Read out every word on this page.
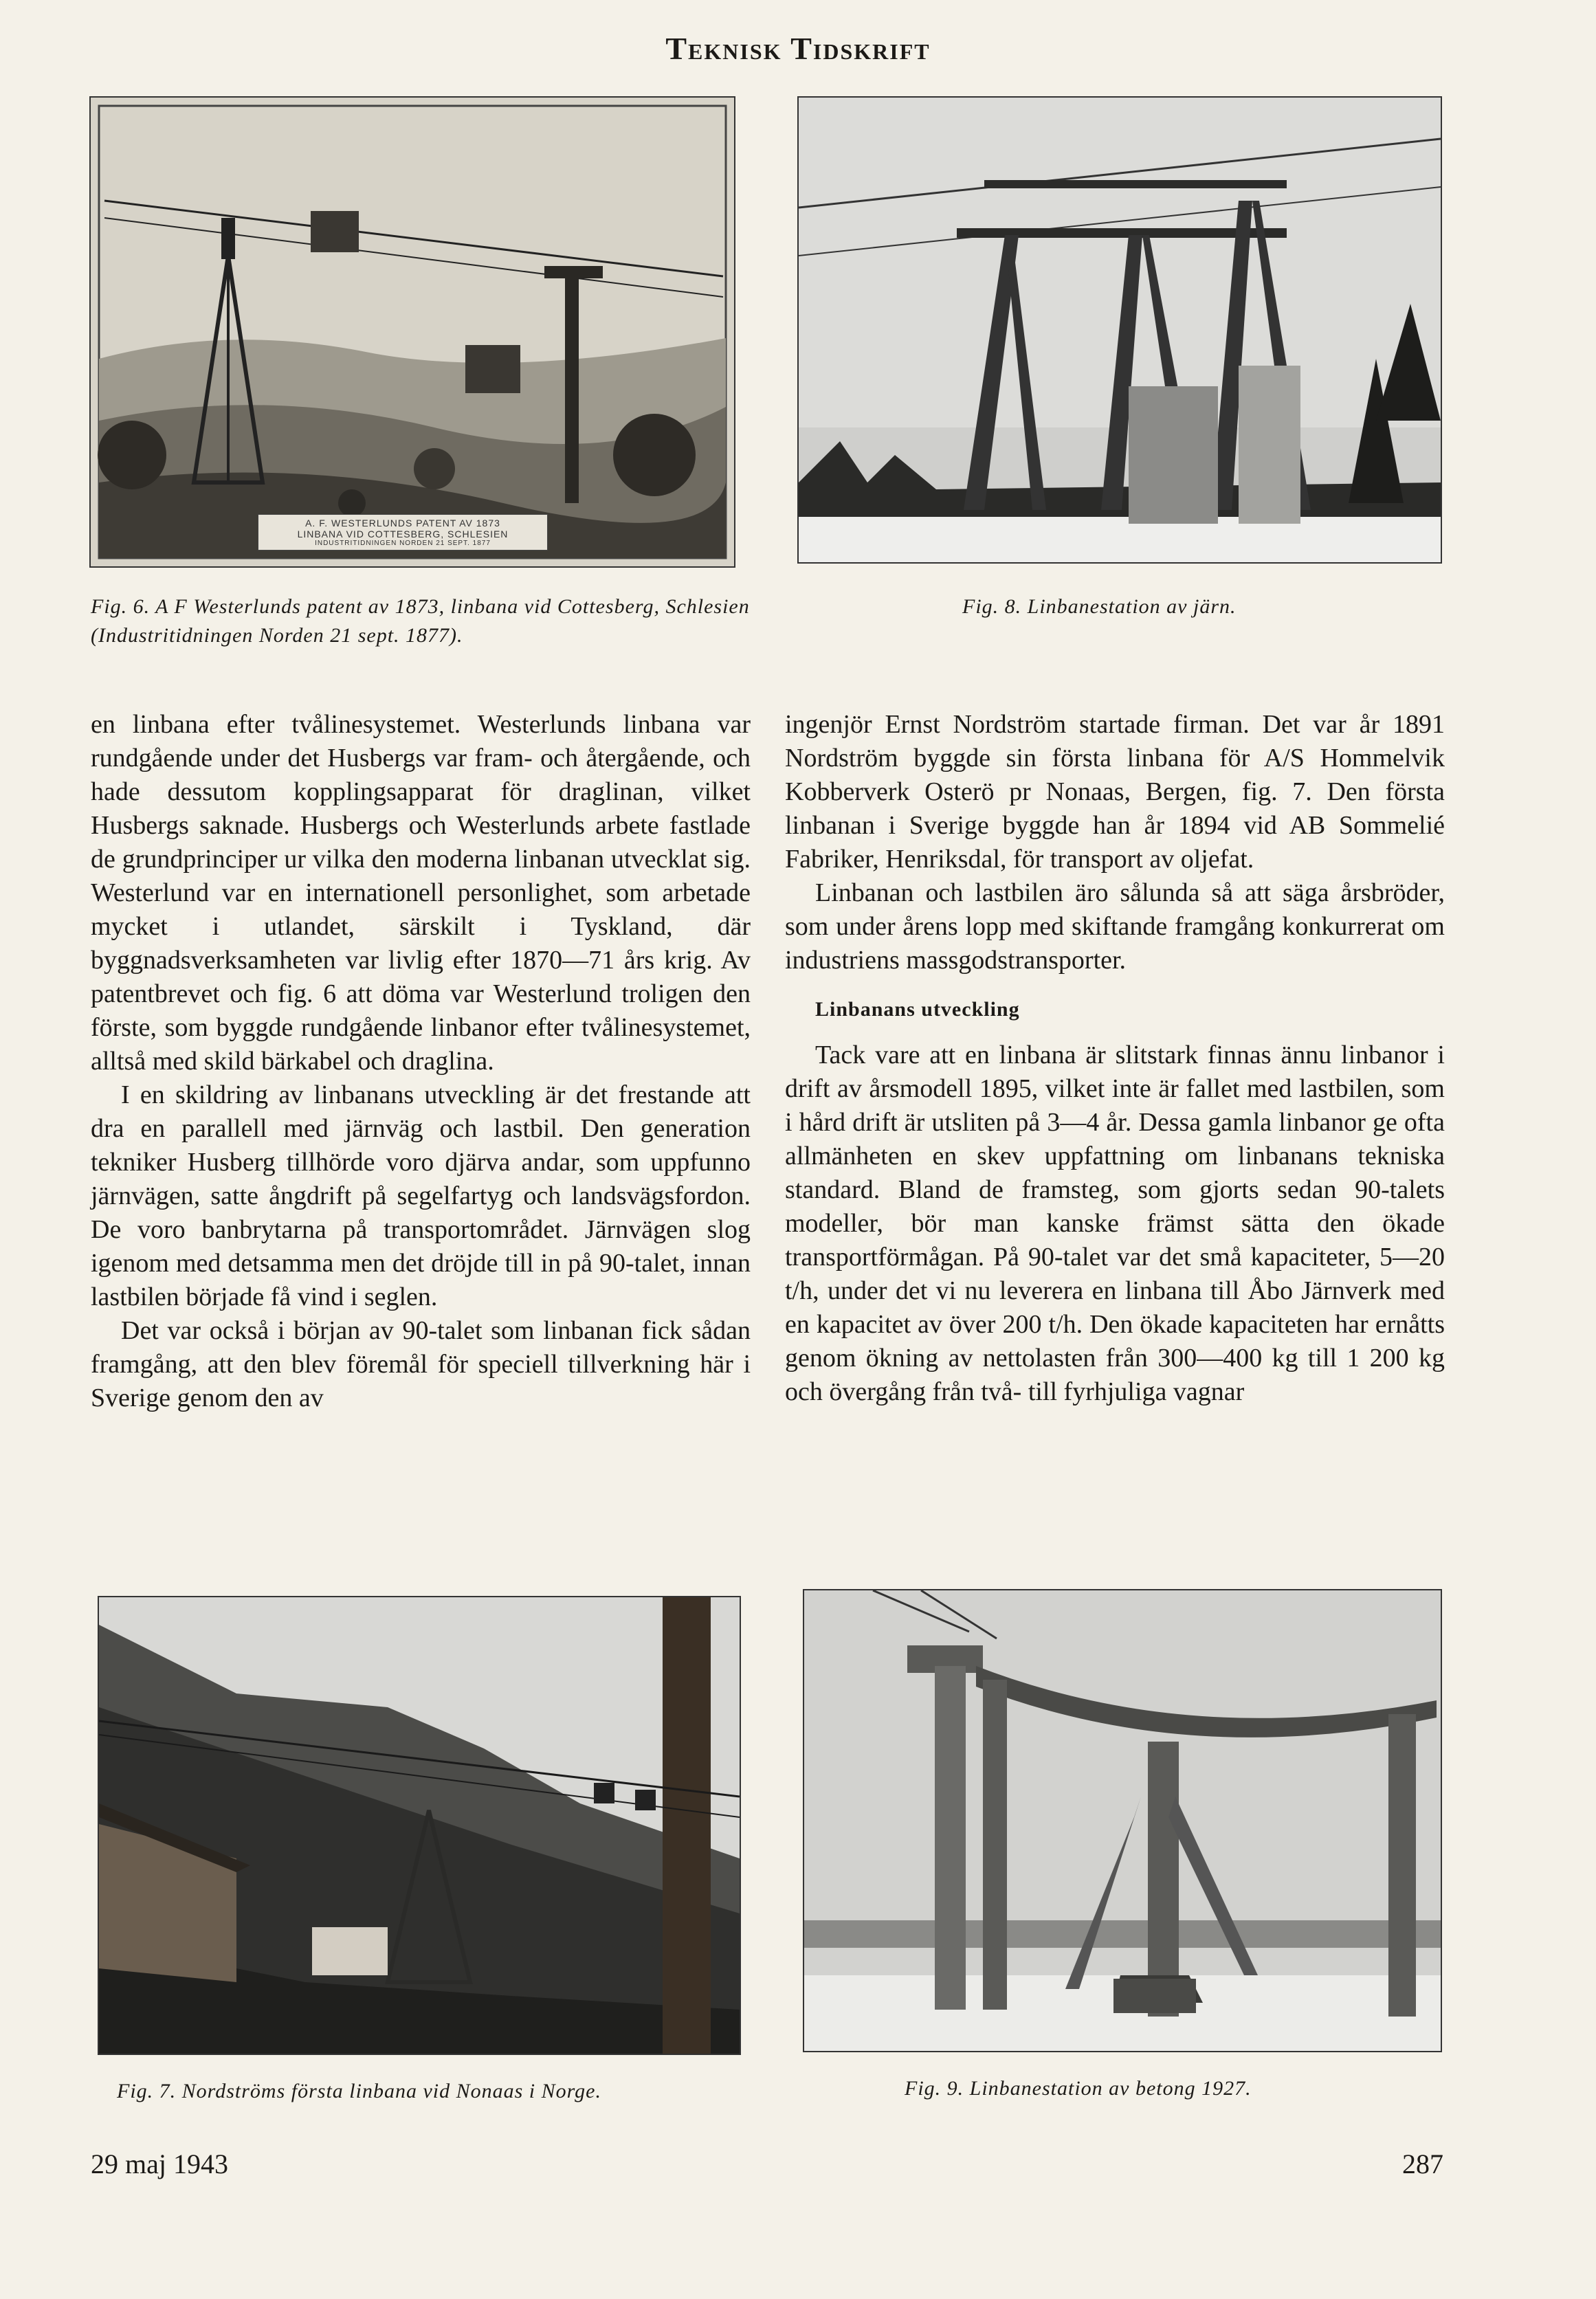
Teknisk Tidskrift
A. F. WESTERLUNDS PATENT AV 1873
LINBANA VID COTTESBERG, SCHLESIEN
INDUSTRITIDNINGEN NORDEN 21 SEPT. 1877
Fig. 6. A F Westerlunds patent av 1873, linbana vid Cottesberg, Schlesien (Industritidningen Norden 21 sept. 1877).
Fig. 8. Linbanestation av järn.

en linbana efter tvålinesystemet. Westerlunds linbana var rundgående under det Husbergs var fram- och återgående, och hade dessutom kopplingsapparat för draglinan, vilket Husbergs saknade. Husbergs och Westerlunds arbete fastlade de grundprinciper ur vilka den moderna linbanan utvecklat sig. Westerlund var en internationell personlighet, som arbetade mycket i utlandet, särskilt i Tyskland, där byggnadsverksamheten var livlig efter 1870—71 års krig. Av patentbrevet och fig. 6 att döma var Westerlund troligen den förste, som byggde rundgående linbanor efter tvålinesystemet, alltså med skild bärkabel och draglina.

I en skildring av linbanans utveckling är det frestande att dra en parallell med järnväg och lastbil. Den generation tekniker Husberg tillhörde voro djärva andar, som uppfunno järnvägen, satte ångdrift på segelfartyg och landsvägsfordon. De voro banbrytarna på transportområdet. Järnvägen slog igenom med detsamma men det dröjde till in på 90-talet, innan lastbilen började få vind i seglen.

Det var också i början av 90-talet som linbanan fick sådan framgång, att den blev föremål för speciell tillverkning här i Sverige genom den av

ingenjör Ernst Nordström startade firman. Det var år 1891 Nordström byggde sin första linbana för A/S Hommelvik Kobberverk Osterö pr Nonaas, Bergen, fig. 7. Den första linbanan i Sverige byggde han år 1894 vid AB Sommelié Fabriker, Henriksdal, för transport av oljefat.

Linbanan och lastbilen äro sålunda så att säga årsbröder, som under årens lopp med skiftande framgång konkurrerat om industriens massgodstransporter.

Linbanans utveckling

Tack vare att en linbana är slitstark finnas ännu linbanor i drift av årsmodell 1895, vilket inte är fallet med lastbilen, som i hård drift är utsliten på 3—4 år. Dessa gamla linbanor ge ofta allmänheten en skev uppfattning om linbanans tekniska standard. Bland de framsteg, som gjorts sedan 90-talets modeller, bör man kanske främst sätta den ökade transportförmågan. På 90-talet var det små kapaciteter, 5—20 t/h, under det vi nu leverera en linbana till Åbo Järnverk med en kapacitet av över 200 t/h. Den ökade kapaciteten har ernåtts genom ökning av nettolasten från 300—400 kg till 1 200 kg och övergång från två- till fyrhjuliga vagnar

Fig. 7. Nordströms första linbana vid Nonaas i Norge.	Fig. 9. Linbanestation av betong 1927.
29 maj 1943	287
